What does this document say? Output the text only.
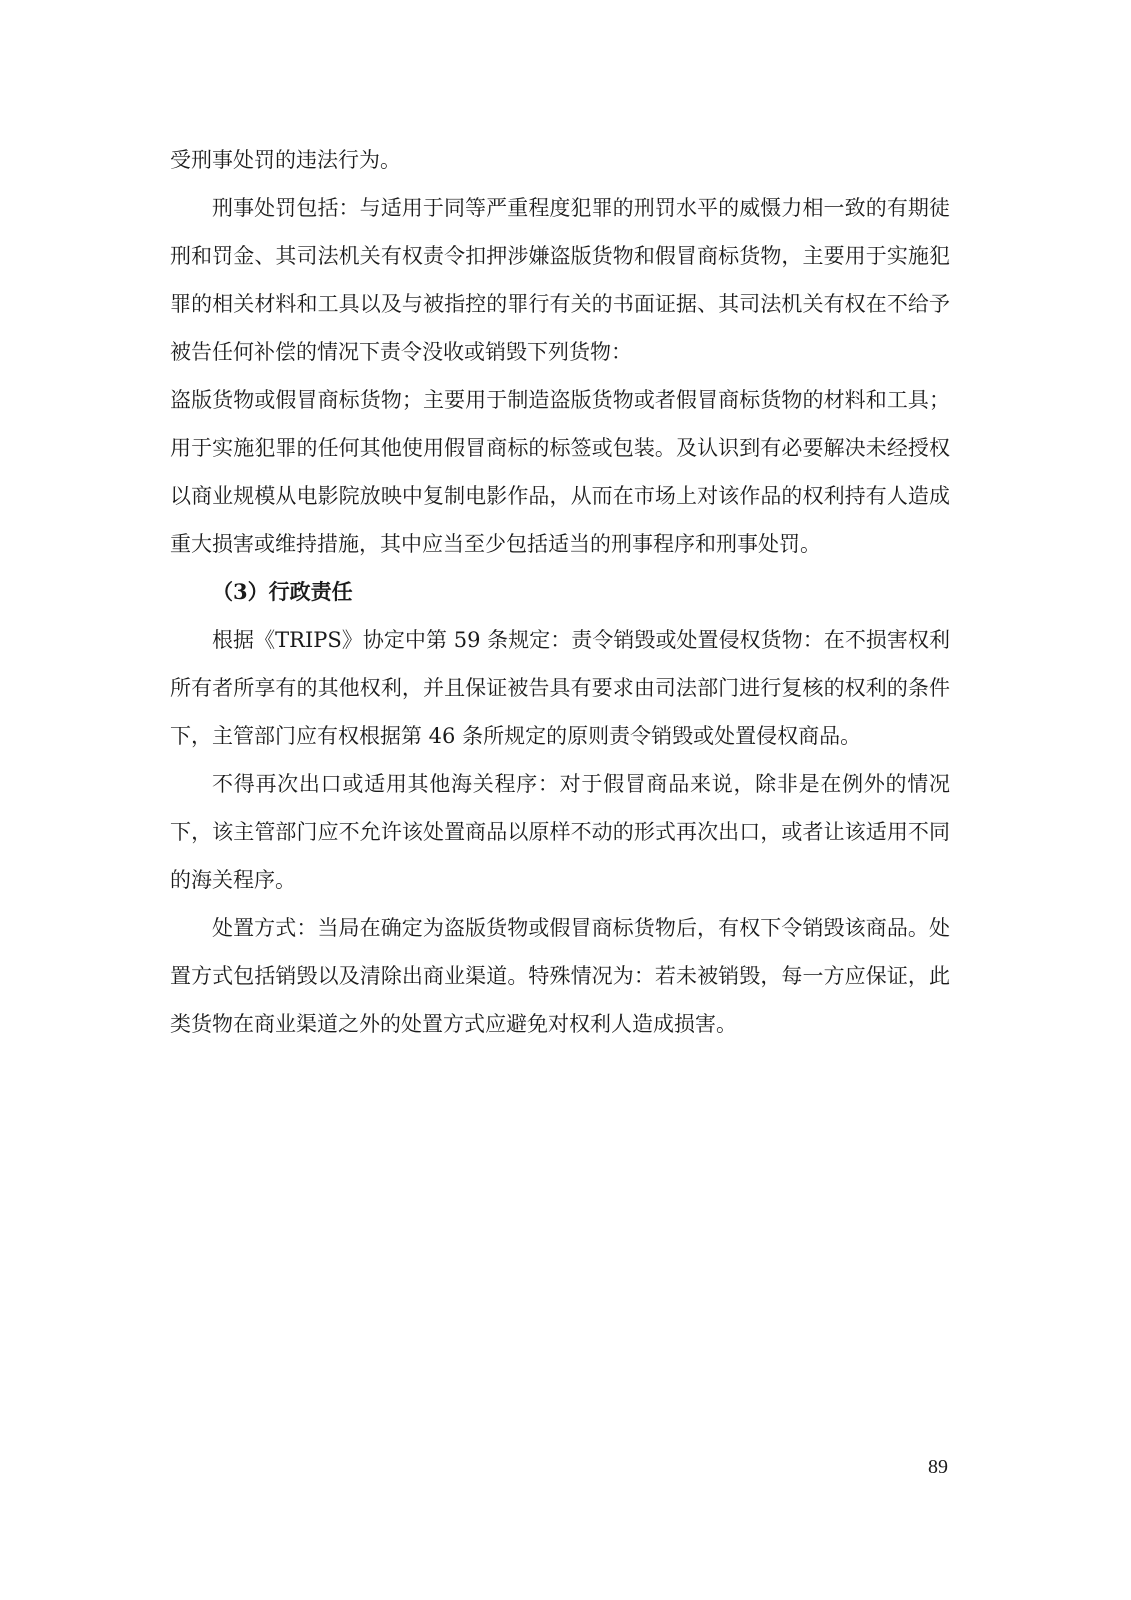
受刑事处罚的违法行为。

刑事处罚包括：与适用于同等严重程度犯罪的刑罚水平的威慑力相一致的有期徒刑和罚金、其司法机关有权责令扣押涉嫌盗版货物和假冒商标货物，主要用于实施犯罪的相关材料和工具以及与被指控的罪行有关的书面证据、其司法机关有权在不给予被告任何补偿的情况下责令没收或销毁下列货物：

盗版货物或假冒商标货物；主要用于制造盗版货物或者假冒商标货物的材料和工具；用于实施犯罪的任何其他使用假冒商标的标签或包装。及认识到有必要解决未经授权以商业规模从电影院放映中复制电影作品，从而在市场上对该作品的权利持有人造成重大损害或维持措施，其中应当至少包括适当的刑事程序和刑事处罚。

（3）行政责任

根据《TRIPS》协定中第 59 条规定：责令销毁或处置侵权货物：在不损害权利所有者所享有的其他权利，并且保证被告具有要求由司法部门进行复核的权利的条件下，主管部门应有权根据第 46 条所规定的原则责令销毁或处置侵权商品。

不得再次出口或适用其他海关程序：对于假冒商品来说，除非是在例外的情况下，该主管部门应不允许该处置商品以原样不动的形式再次出口，或者让该适用不同的海关程序。

处置方式：当局在确定为盗版货物或假冒商标货物后，有权下令销毁该商品。处置方式包括销毁以及清除出商业渠道。特殊情况为：若未被销毁，每一方应保证，此类货物在商业渠道之外的处置方式应避免对权利人造成损害。

89
